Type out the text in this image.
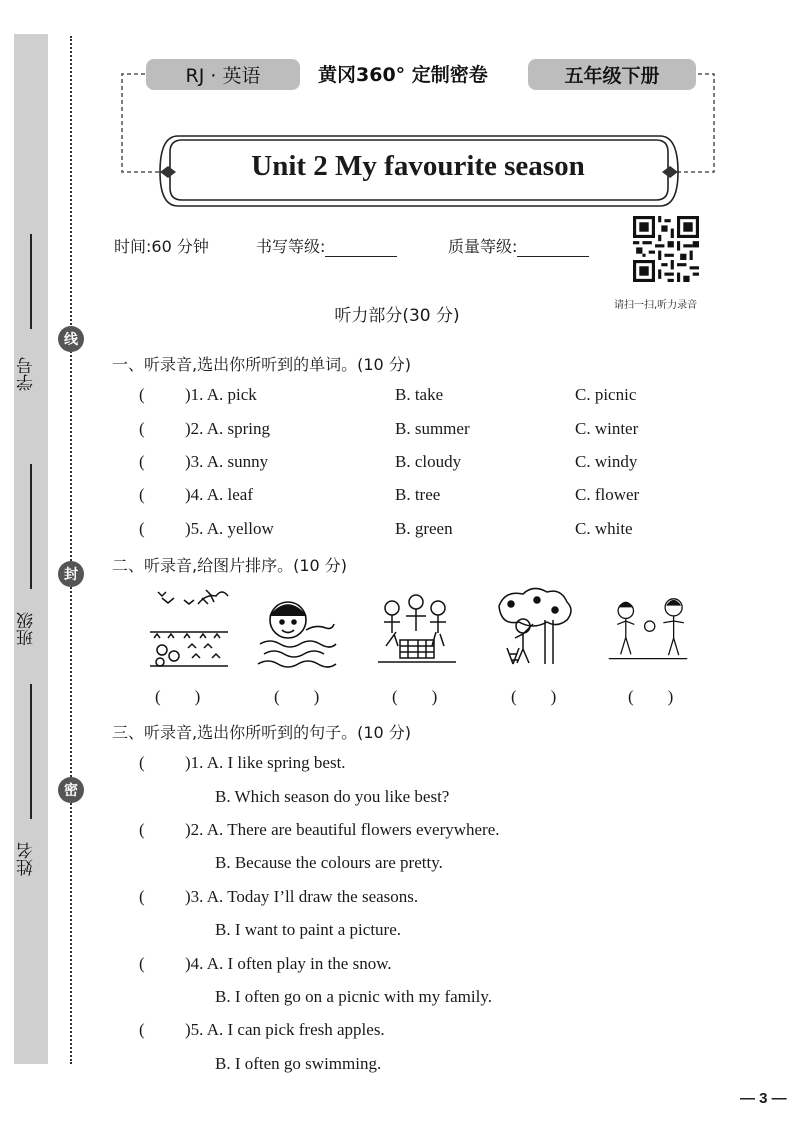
学号
班级
姓名
线
封
密
RJ · 英语	黄冈360° 定制密卷	五年级下册
Unit 2 My favourite season
时间:60 分钟	书写等级:	质量等级:
请扫一扫,听力录音
听力部分(30 分)
一、听录音,选出你所听到的单词。(10 分)
( )1. A. pick	B. take	C. picnic
( )2. A. spring	B. summer	C. winter
( )3. A. sunny	B. cloudy	C. windy
( )4. A. leaf	B. tree	C. flower
( )5. A. yellow	B. green	C. white
二、听录音,给图片排序。(10 分)
(        )	(        )	(        )	(        )	(        )
三、听录音,选出你所听到的句子。(10 分)
( )1. A. I like spring best.
B. Which season do you like best?
( )2. A. There are beautiful flowers everywhere.
B. Because the colours are pretty.
( )3. A. Today I’ll draw the seasons.
B. I want to paint a picture.
( )4. A. I often play in the snow.
B. I often go on a picnic with my family.
( )5. A. I can pick fresh apples.
B. I often go swimming.
— 3 —
